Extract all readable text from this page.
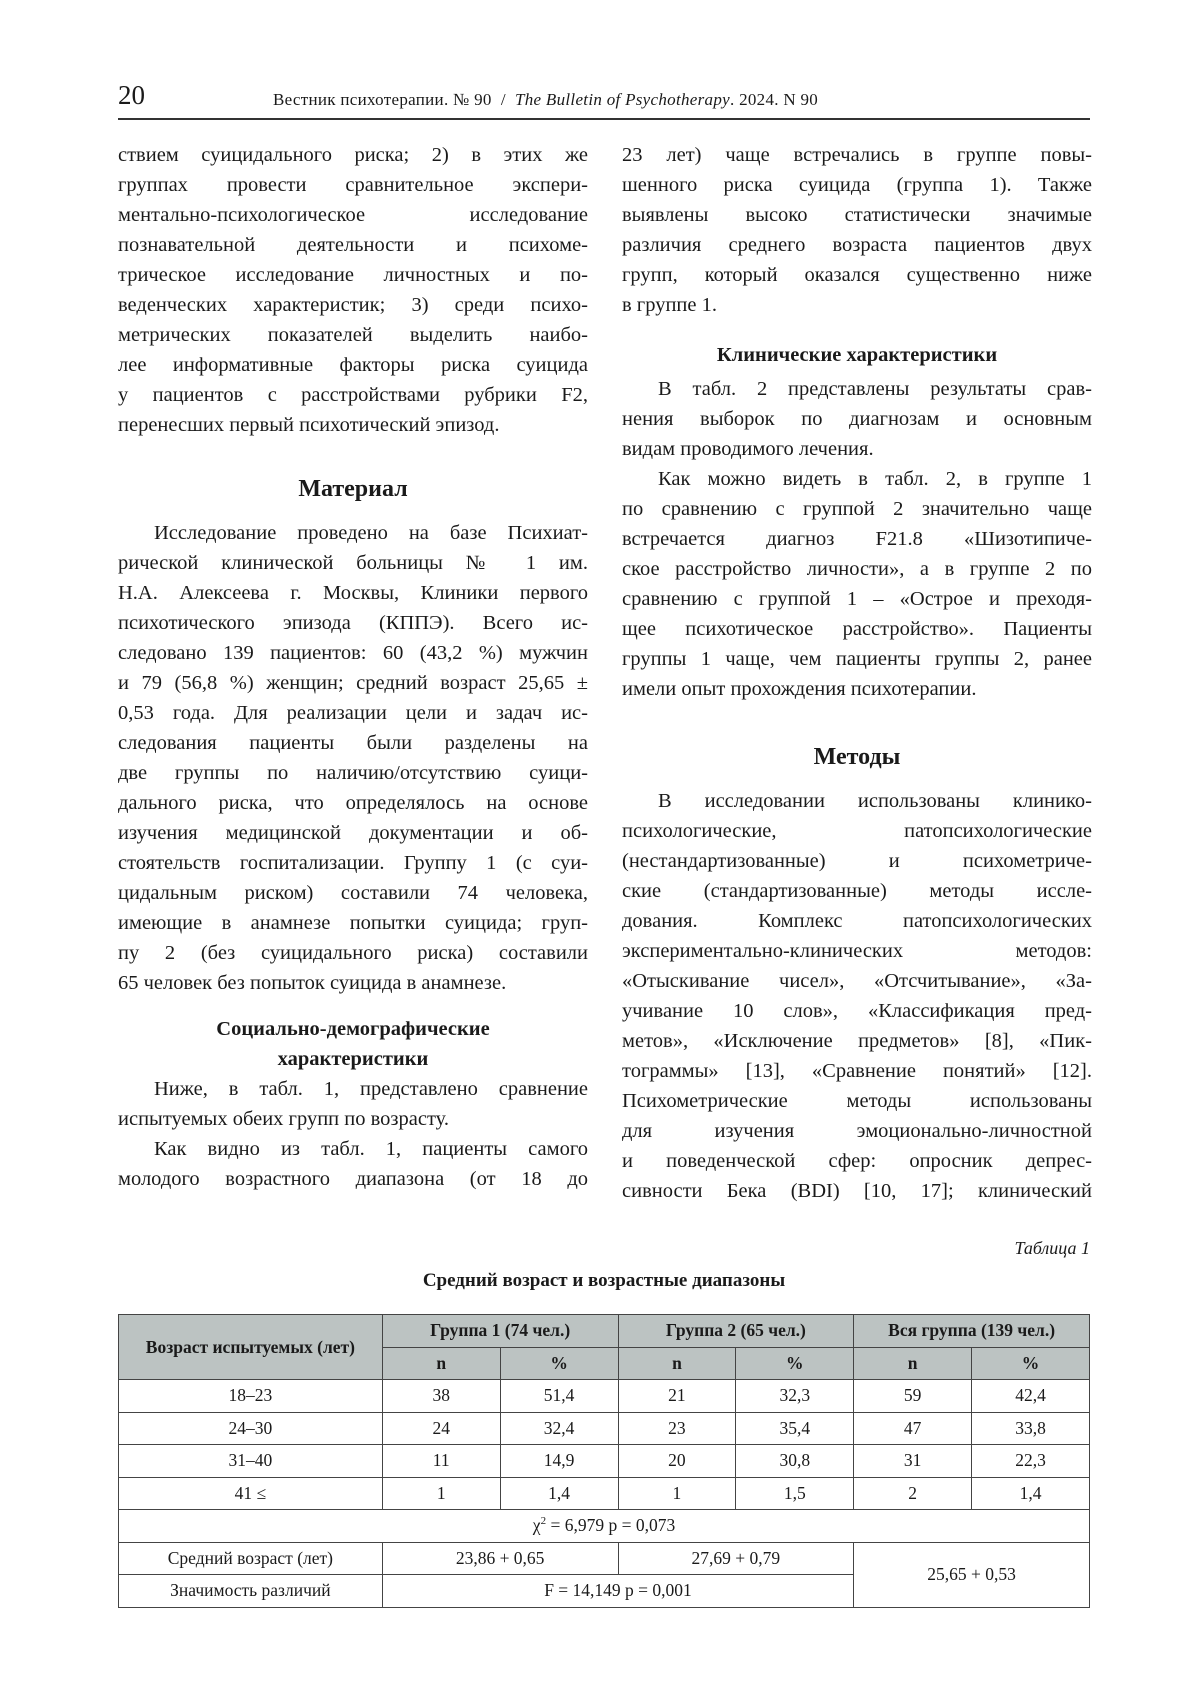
20	Вестник психотерапии. № 90 / The Bulletin of Psychotherapy. 2024. N 90
ствием суицидального риска; 2) в этих же
группах провести сравнительное экспери-
ментально-психологическое исследование
познавательной деятельности и психоме-
трическое исследование личностных и по-
веденческих характеристик; 3) среди психо-
метрических показателей выделить наибо-
лее информативные факторы риска суицида
у пациентов с расстройствами рубрики F2,
перенесших первый психотический эпизод.
Материал
Исследование проведено на базе Психиат-
рической клинической больницы № 1 им.
Н.А. Алексеева г. Москвы, Клиники первого
психотического эпизода (КППЭ). Всего ис-
следовано 139 пациентов: 60 (43,2 %) мужчин
и 79 (56,8 %) женщин; средний возраст 25,65 ±
0,53 года. Для реализации цели и задач ис-
следования пациенты были разделены на
две группы по наличию/отсутствию суици-
дального риска, что определялось на основе
изучения медицинской документации и об-
стоятельств госпитализации. Группу 1 (с суи-
цидальным риском) составили 74 человека,
имеющие в анамнезе попытки суицида; груп-
пу 2 (без суицидального риска) составили
65 человек без попыток суицида в анамнезе.
Социально-демографические
характеристики
Ниже, в табл. 1, представлено сравнение
испытуемых обеих групп по возрасту.
Как видно из табл. 1, пациенты самого
молодого возрастного диапазона (от 18 до
23 лет) чаще встречались в группе повы-
шенного риска суицида (группа 1). Также
выявлены высоко статистически значимые
различия среднего возраста пациентов двух
групп, который оказался существенно ниже
в группе 1.
Клинические характеристики
В табл. 2 представлены результаты срав-
нения выборок по диагнозам и основным
видам проводимого лечения.
Как можно видеть в табл. 2, в группе 1
по сравнению с группой 2 значительно чаще
встречается диагноз F21.8 «Шизотипиче-
ское расстройство личности», а в группе 2 по
сравнению с группой 1 – «Острое и преходя-
щее психотическое расстройство». Пациенты
группы 1 чаще, чем пациенты группы 2, ранее
имели опыт прохождения психотерапии.
Методы
В исследовании использованы клинико-
психологические, патопсихологические
(нестандартизованные) и психометриче-
ские (стандартизованные) методы иссле-
дования. Комплекс патопсихологических
экспериментально-клинических методов:
«Отыскивание чисел», «Отсчитывание», «За-
учивание 10 слов», «Классификация пред-
метов», «Исключение предметов» [8], «Пик-
тограммы» [13], «Сравнение понятий» [12].
Психометрические методы использованы
для изучения эмоционально-личностной
и поведенческой сфер: опросник депрес-
сивности Бека (BDI) [10, 17]; клинический
Таблица 1
Средний возраст и возрастные диапазоны
Возраст испытуемых (лет)	Группа 1 (74 чел.)		Группа 2 (65 чел.)		Вся группа (139 чел.)	
	n	%	n	%	n	%
18–23	38	51,4	21	32,3	59	42,4
24–30	24	32,4	23	35,4	47	33,8
31–40	11	14,9	20	30,8	31	22,3
41 ≤	1	1,4	1	1,5	2	1,4
$\chi^2 = 6,979$ p = 0,073						
Средний возраст (лет)	23,86 + 0,65		27,69 + 0,79		25,65 + 0,53	
Значимость различий	F = 14,149 p = 0,001					
